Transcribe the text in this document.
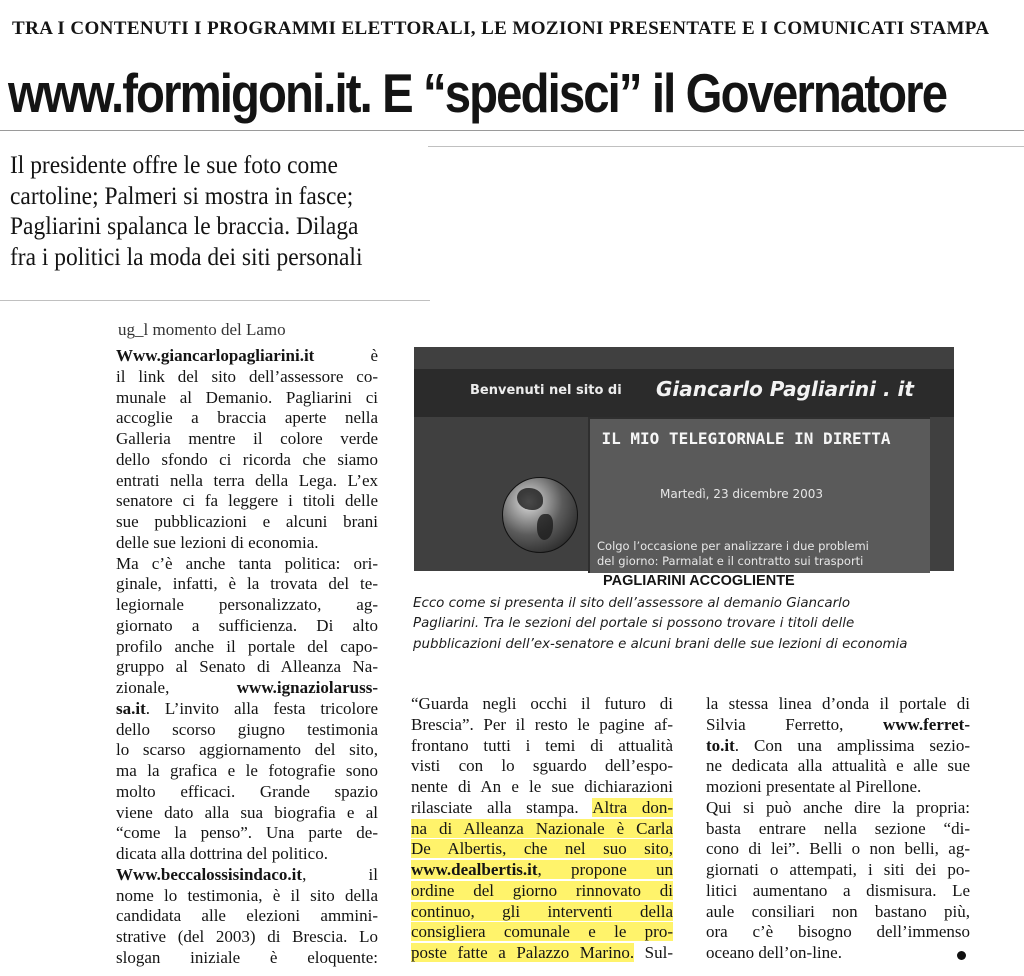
TRA I CONTENUTI I PROGRAMMI ELETTORALI, LE MOZIONI PRESENTATE E I COMUNICATI STAMPA
www.formigoni.it. E “spedisci” il Governatore
Il presidente offre le sue foto come
cartoline; Palmeri si mostra in fasce;
Pagliarini spalanca le braccia. Dilaga
fra i politici la moda dei siti personali
ug_l momento del Lamo
Www.giancarlopagliarini.it è
il link del sito dell’assessore co-
munale al Demanio. Pagliarini ci
accoglie a braccia aperte nella
Galleria mentre il colore verde
dello sfondo ci ricorda che siamo
entrati nella terra della Lega. L’ex
senatore ci fa leggere i titoli delle
sue pubblicazioni e alcuni brani
delle sue lezioni di economia.
Ma c’è anche tanta politica: ori-
ginale, infatti, è la trovata del te-
legiornale personalizzato, ag-
giornato a sufficienza. Di alto
profilo anche il portale del capo-
gruppo al Senato di Alleanza Na-
zionale, www.ignaziolaruss-
sa.it. L’invito alla festa tricolore
dello scorso giugno testimonia
lo scarso aggiornamento del sito,
ma la grafica e le fotografie sono
molto efficaci. Grande spazio
viene dato alla sua biografia e al
“come la penso”. Una parte de-
dicata alla dottrina del politico.
Www.beccalossisindaco.it, il
nome lo testimonia, è il sito della
candidata alle elezioni ammini-
strative (del 2003) di Brescia. Lo
slogan iniziale è eloquente:
“Guarda negli occhi il futuro di
Brescia”. Per il resto le pagine af-
frontano tutti i temi di attualità
visti con lo sguardo dell’espo-
nente di An e le sue dichiarazioni
rilasciate alla stampa. Altra don-
na di Alleanza Nazionale è Carla
De Albertis, che nel suo sito,
www.dealbertis.it, propone un
ordine del giorno rinnovato di
continuo, gli interventi della
consigliera comunale e le pro-
poste fatte a Palazzo Marino. Sul-
la stessa linea d’onda il portale di
Silvia Ferretto, www.ferret-
to.it. Con una amplissima sezio-
ne dedicata alla attualità e alle sue
mozioni presentate al Pirellone.
Qui si può anche dire la propria:
basta entrare nella sezione “di-
cono di lei”. Belli o non belli, ag-
giornati o attempati, i siti dei po-
litici aumentano a dismisura. Le
aule consiliari non bastano più,
ora c’è bisogno dell’immenso
oceano dell’on-line.
Benvenuti nel sito di Giancarlo Pagliarini . it
IL MIO TELEGIORNALE IN DIRETTA
Martedì, 23 dicembre 2003
Colgo l’occasione per analizzare i due problemi
del giorno: Parmalat e il contratto sui trasporti
PAGLIARINI ACCOGLIENTE
Ecco come si presenta il sito dell’assessore al demanio Giancarlo
Pagliarini. Tra le sezioni del portale si possono trovare i titoli delle
pubblicazioni dell’ex-senatore e alcuni brani delle sue lezioni di economia
